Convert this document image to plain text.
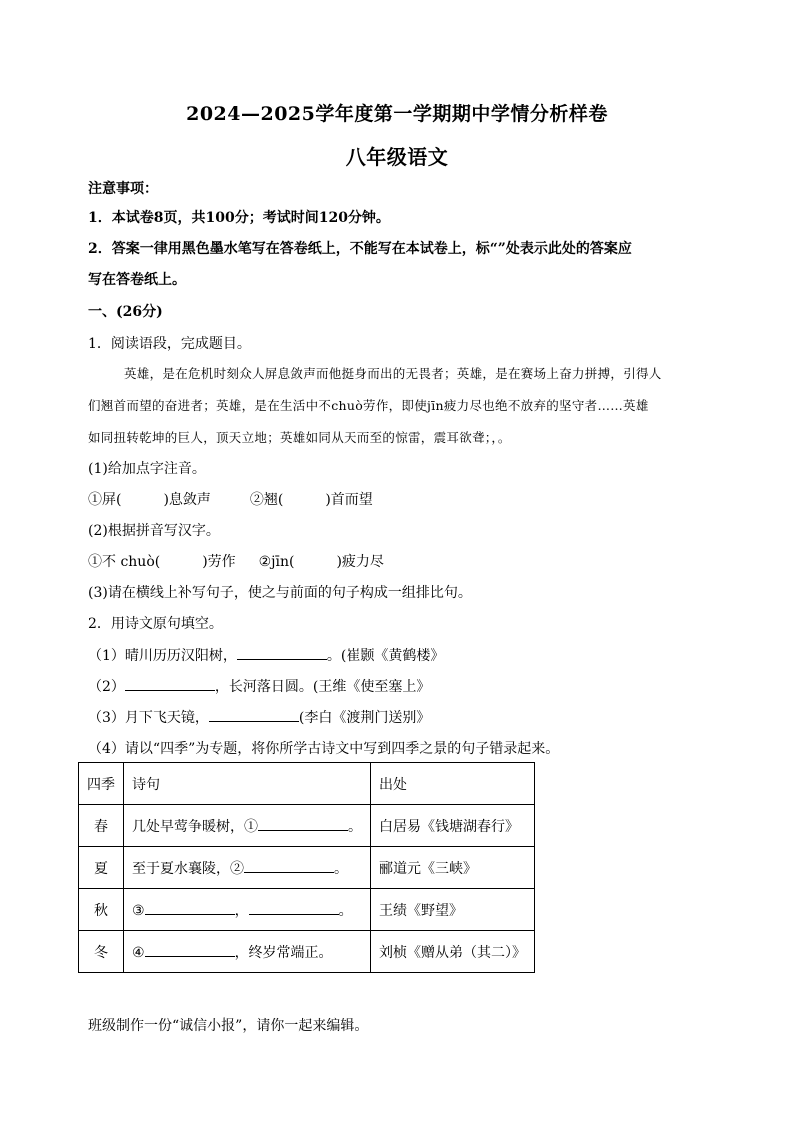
2024—2025学年度第一学期期中学情分析样卷
八年级语文
注意事项：
1．本试卷8页，共100分；考试时间120分钟。
2．答案一律用黑色墨水笔写在答卷纸上，不能写在本试卷上，标“”处表示此处的答案应
写在答卷纸上。
一、(26分)
1．阅读语段，完成题目。
英雄，是在危机时刻众人屏息敛声而他挺身而出的无畏者；英雄，是在赛场上奋力拼搏，引得人
们翘首而望的奋进者；英雄，是在生活中不chuò劳作，即使jīn疲力尽也绝不放弃的坚守者……英雄
如同扭转乾坤的巨人，顶天立地；英雄如同从天而至的惊雷，震耳欲聋；，。
(1)给加点字注音。
①屏(	)息敛声	②翘(	)首而望
(2)根据拼音写汉字。
①不 chuò(	)劳作 ②jīn(	)疲力尽
(3)请在横线上补写句子，使之与前面的句子构成一组排比句。
2．用诗文原句填空。
（1）晴川历历汉阳树，	。(崔颢《黄鹤楼》
（2）	，长河落日圆。(王维《使至塞上》
（3）月下飞天镜，	(李白《渡荆门送别》
（4）请以“四季”为专题，将你所学古诗文中写到四季之景的句子错录起来。
四季	诗句	出处
春	几处早莺争暖树，① 。	白居易《钱塘湖春行》
夏	至于夏水襄陵，② 。	郦道元《三峡》
秋	③ ， 。	王绩《野望》
冬	④ ，终岁常端正。	刘桢《赠从弟（其二）》
班级制作一份“诚信小报”，请你一起来编辑。
